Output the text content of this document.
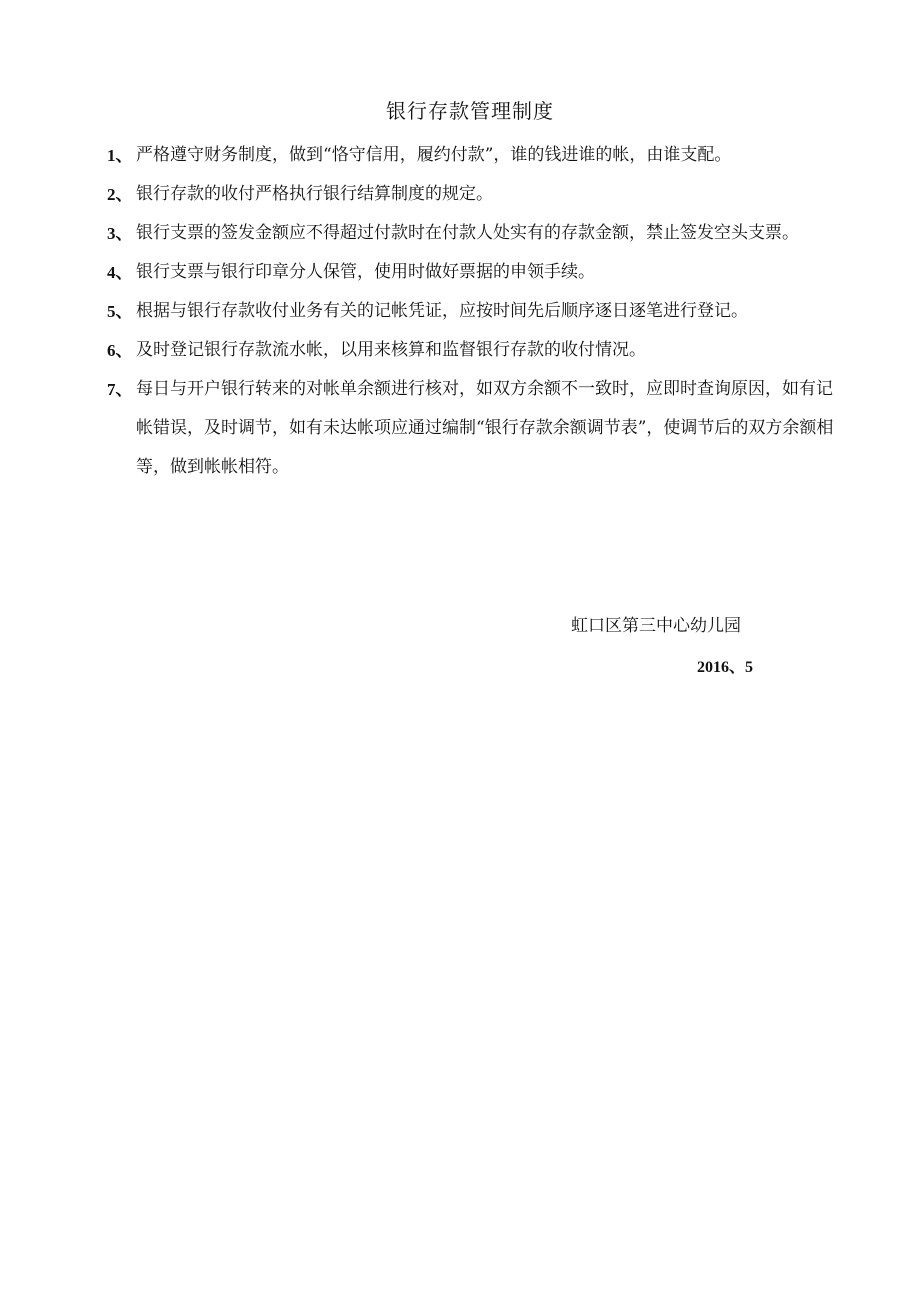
银行存款管理制度
1、 严格遵守财务制度，做到“恪守信用，履约付款”，谁的钱进谁的帐，由谁支配。
2、 银行存款的收付严格执行银行结算制度的规定。
3、 银行支票的签发金额应不得超过付款时在付款人处实有的存款金额，禁止签发空头支票。
4、 银行支票与银行印章分人保管，使用时做好票据的申领手续。
5、 根据与银行存款收付业务有关的记帐凭证，应按时间先后顺序逐日逐笔进行登记。
6、 及时登记银行存款流水帐，以用来核算和监督银行存款的收付情况。
7、 每日与开户银行转来的对帐单余额进行核对，如双方余额不一致时，应即时查询原因，如有记帐错误，及时调节，如有未达帐项应通过编制“银行存款余额调节表”，使调节后的双方余额相等，做到帐帐相符。
虹口区第三中心幼儿园
2016、5
